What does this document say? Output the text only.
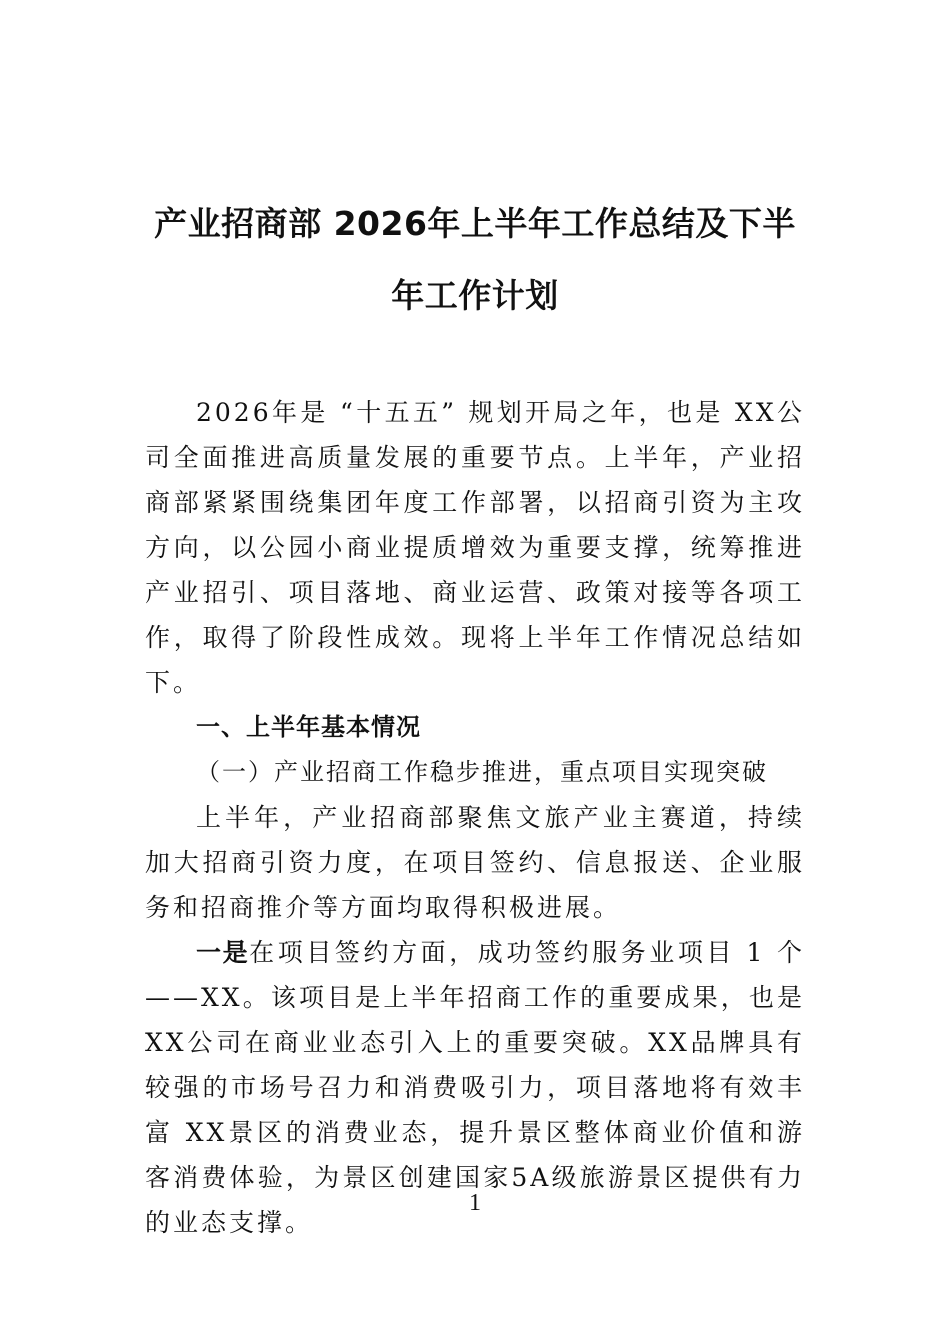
产业招商部 2026年上半年工作总结及下半
年工作计划

2026年是 “十五五” 规划开局之年，也是 XX公司全面推进高质量发展的重要节点。上半年，产业招商部紧紧围绕集团年度工作部署，以招商引资为主攻方向，以公园小商业提质增效为重要支撑，统筹推进产业招引、项目落地、商业运营、政策对接等各项工作，取得了阶段性成效。现将上半年工作情况总结如下。

一、上半年基本情况

（一）产业招商工作稳步推进，重点项目实现突破

上半年，产业招商部聚焦文旅产业主赛道，持续加大招商引资力度，在项目签约、信息报送、企业服务和招商推介等方面均取得积极进展。

一是在项目签约方面，成功签约服务业项目 1 个 ——XX。该项目是上半年招商工作的重要成果，也是 XX公司在商业业态引入上的重要突破。XX品牌具有较强的市场号召力和消费吸引力，项目落地将有效丰富 XX景区的消费业态，提升景区整体商业价值和游客消费体验，为景区创建国家5A级旅游景区提供有力的业态支撑。

1
